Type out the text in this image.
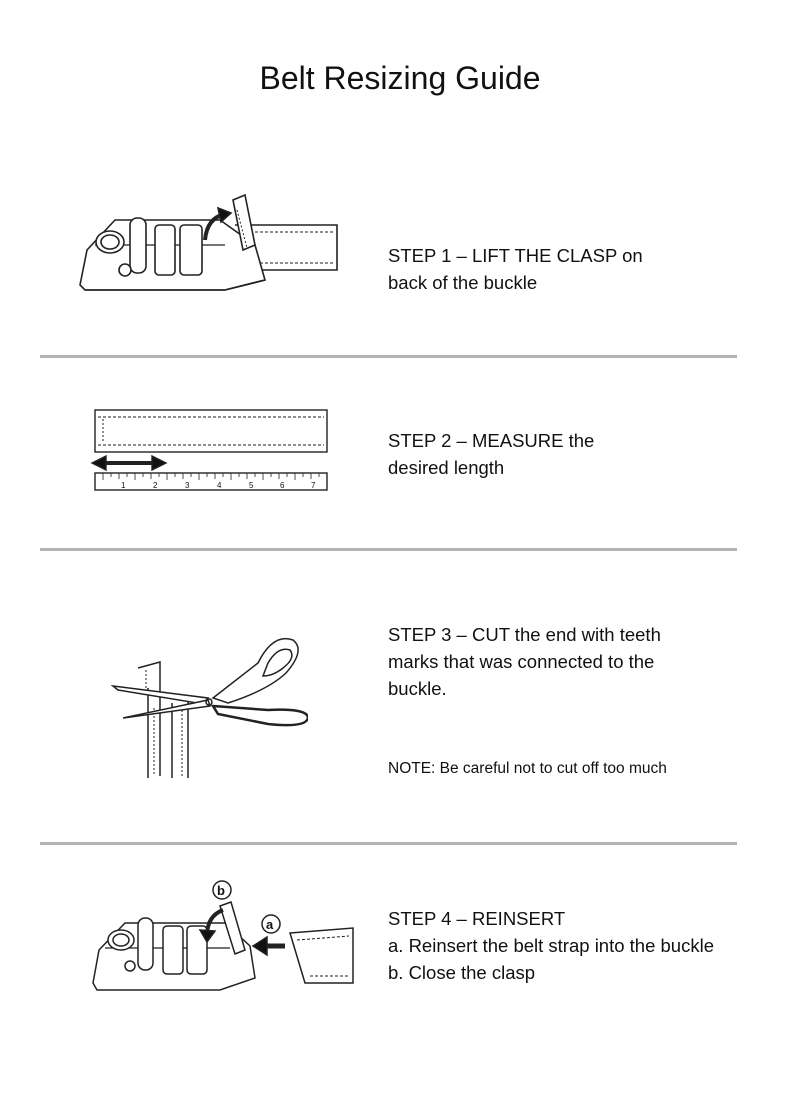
Belt Resizing Guide

STEP 1 – LIFT THE CLASP on
back of the buckle

1	2	3	4	5	6	7

STEP 2 – MEASURE the
desired length

STEP 3 – CUT the end with teeth
marks that was connected to the
buckle.

NOTE: Be careful not to cut off too much

b
a	STEP 4 – REINSERT
a. Reinsert the belt strap into the buckle
b. Close the clasp
